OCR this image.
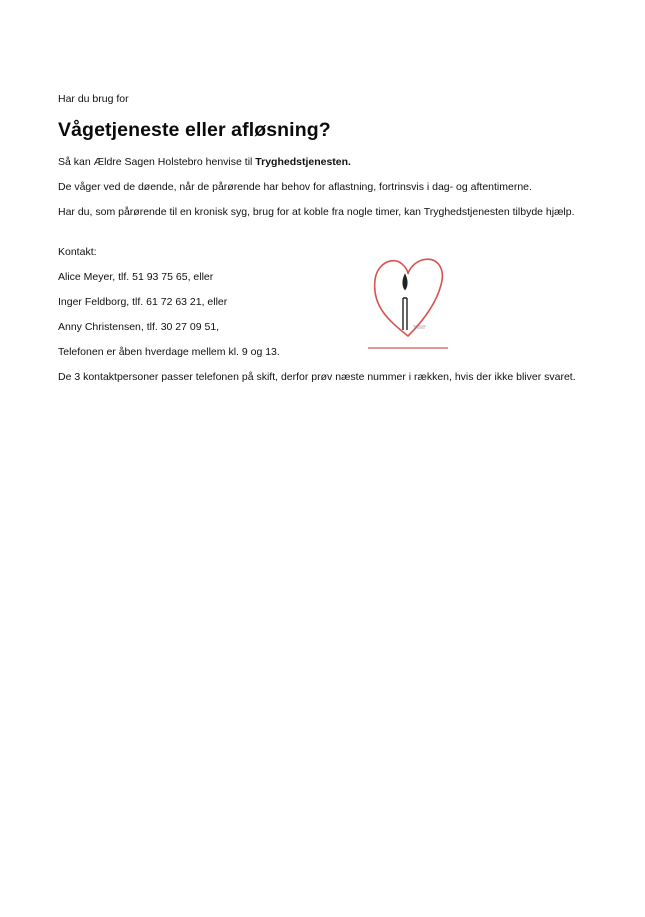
Har du brug for
Vågetjeneste eller afløsning?
Så kan Ældre Sagen Holstebro henvise til Tryghedstjenesten.
De våger ved de døende, når de pårørende har behov for aflastning, fortrinsvis i dag- og aftentimerne.
Har du, som pårørende til en kronisk syg, brug for at koble fra nogle timer, kan Tryghedstjenesten tilbyde hjælp.
Kontakt:
Alice Meyer, tlf. 51 93 75 65, eller
Inger Feldborg, tlf. 61 72 63 21, eller
Anny Christensen, tlf. 30 27 09 51,
Telefonen er åben hverdage mellem kl. 9 og 13.
De 3 kontaktpersoner passer telefonen på skift, derfor prøv næste nummer i rækken, hvis der ikke bliver svaret.
